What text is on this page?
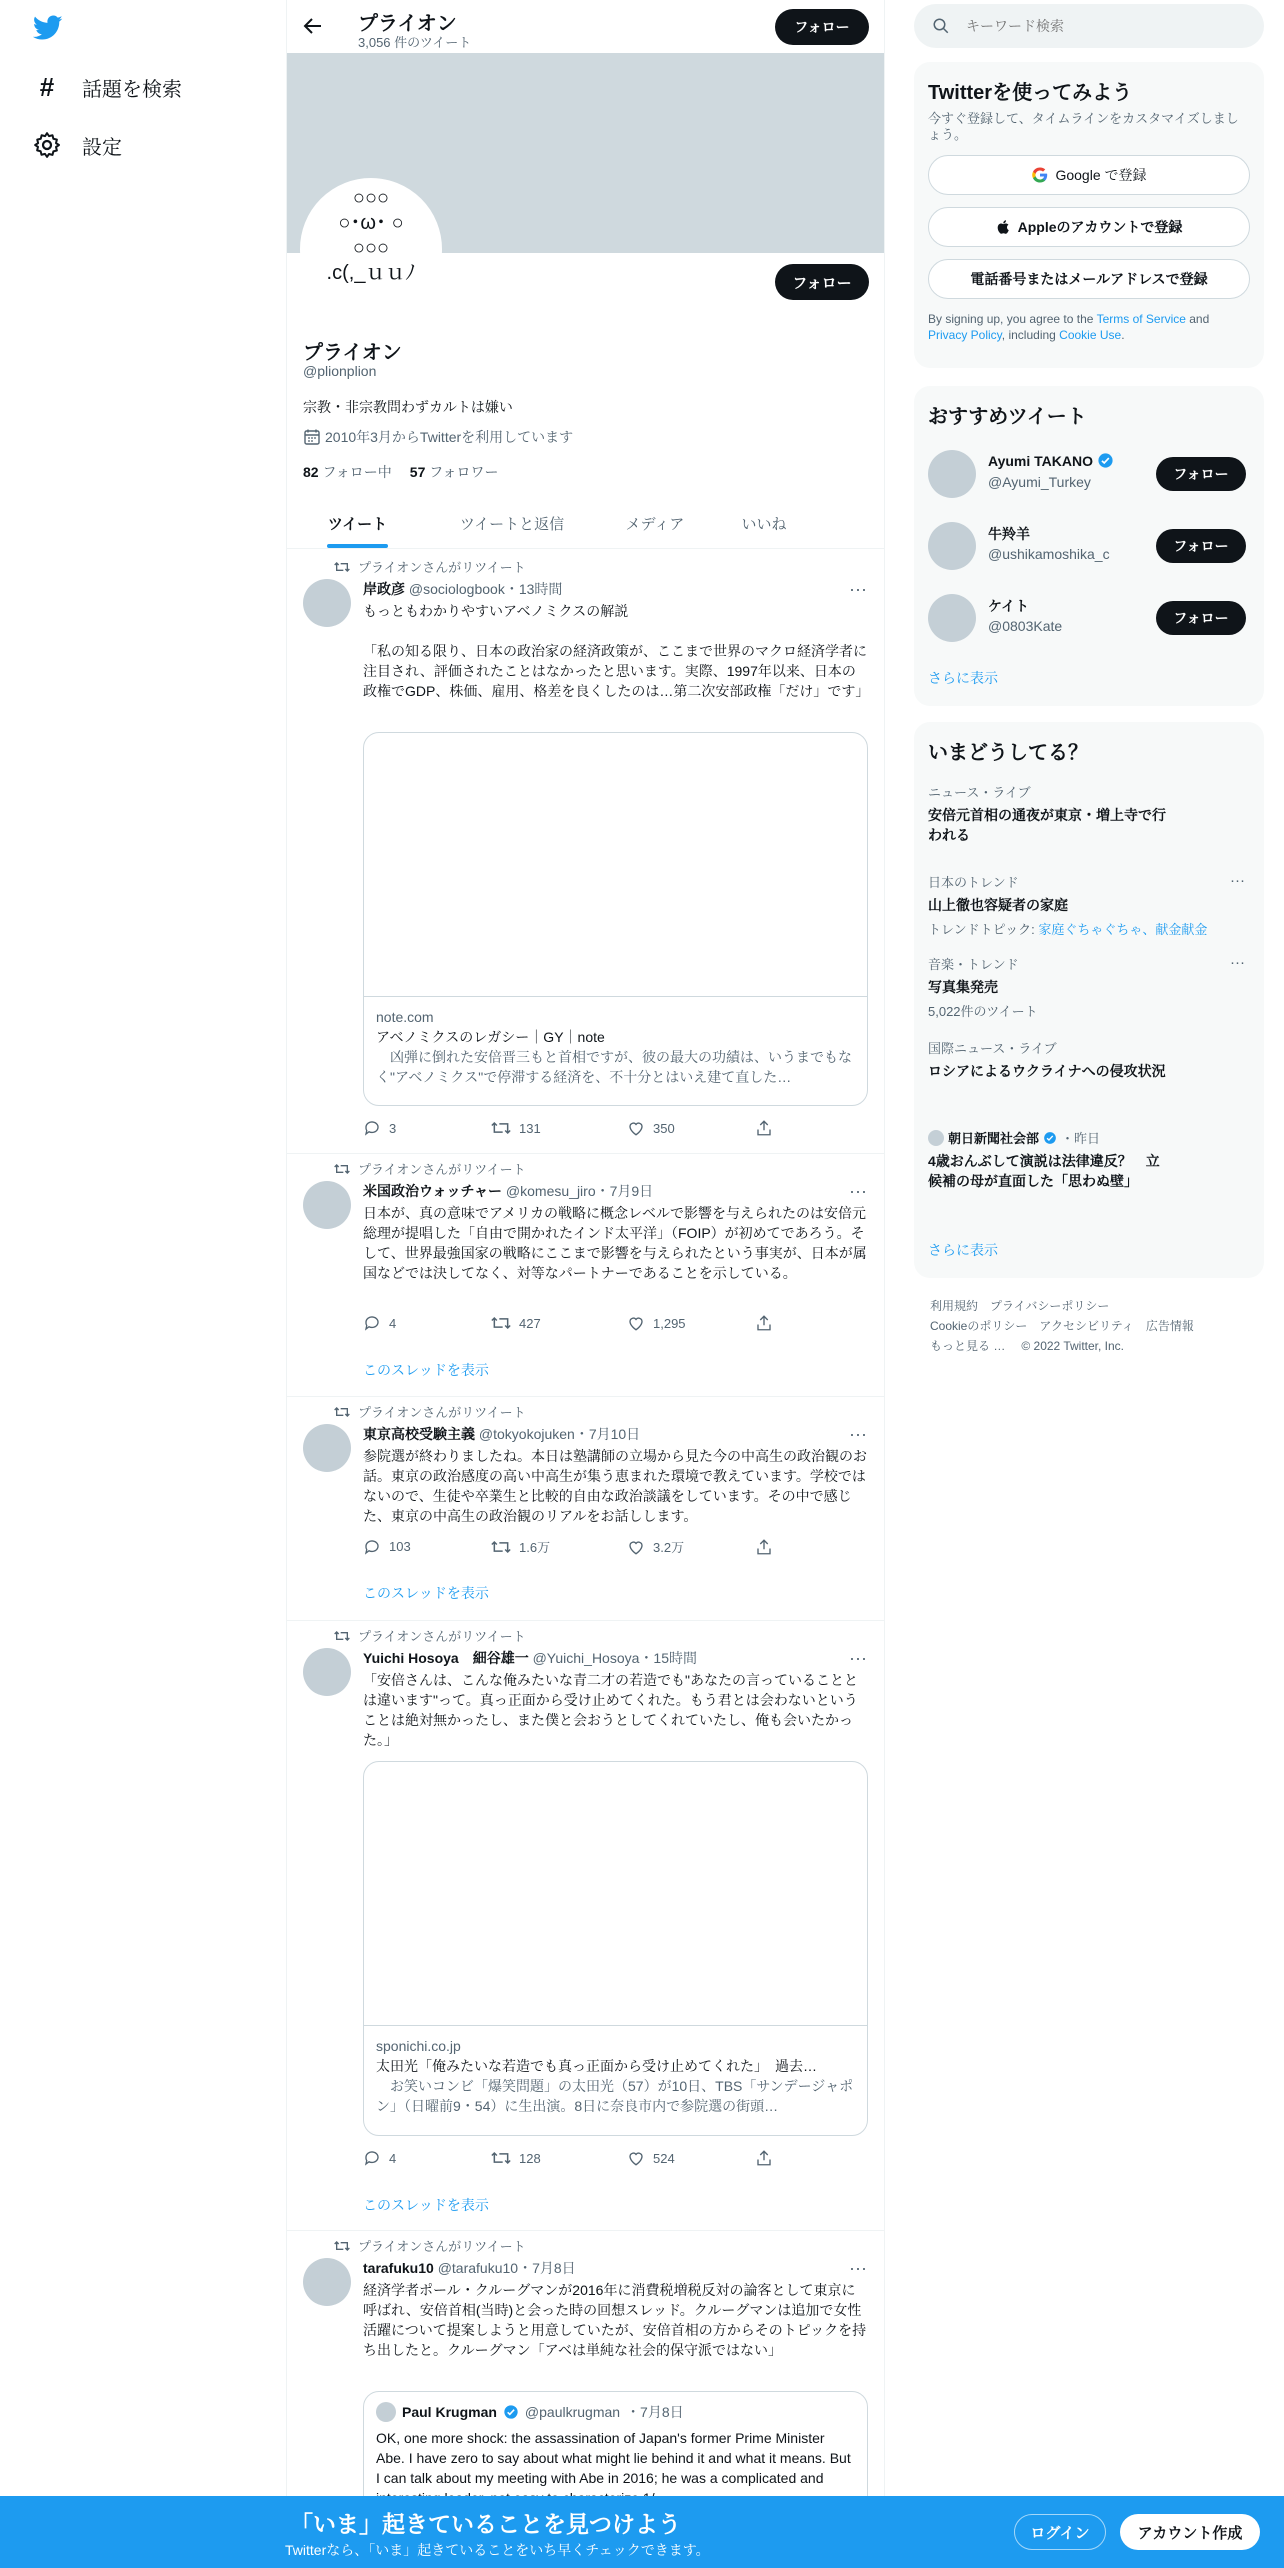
#	話題を検索
設定
プライオン
3,056 件のツイート
フォロー
○○○
○･ω･ ○
○○○
.c(,_ｕｕﾉ	フォロー
プライオン
@plionplion
宗教・非宗教問わずカルトは嫌い
2010年3月からTwitterを利用しています
82 フォロー中 57 フォロワー
ツイート	ツイートと返信	メディア	いいね
プライオンさんがリツイート
岸政彦 @sociologbook・13時間	···
もっともわかりやすいアベノミクスの解説

「私の知る限り、日本の政治家の経済政策が、ここまで世界のマクロ経済学者に注目され、評価されたことはなかったと思います。実際、1997年以来、日本の政権でGDP、株価、雇用、格差を良くしたのは…第二次安部政権「だけ」です」
note.com
アベノミクスのレガシー｜GY｜note
凶弾に倒れた安倍晋三もと首相ですが、彼の最大の功績は、いうまでもなく"アベノミクス"で停滞する経済を、不十分とはいえ建て直した…
3	131	350
プライオンさんがリツイート
米国政治ウォッチャー @komesu_jiro・7月9日	···
日本が、真の意味でアメリカの戦略に概念レベルで影響を与えられたのは安倍元総理が提唱した「自由で開かれたインド太平洋」（FOIP）が初めてであろう。そして、世界最強国家の戦略にここまで影響を与えられたという事実が、日本が属国などでは決してなく、対等なパートナーであることを示している。
4	427	1,295
このスレッドを表示
プライオンさんがリツイート
東京高校受験主義 @tokyokojuken・7月10日	···
参院選が終わりましたね。本日は塾講師の立場から見た今の中高生の政治観のお話。東京の政治感度の高い中高生が集う恵まれた環境で教えています。学校ではないので、生徒や卒業生と比較的自由な政治談議をしています。その中で感じた、東京の中高生の政治観のリアルをお話しします。
103	1.6万	3.2万
このスレッドを表示
プライオンさんがリツイート
Yuichi Hosoya　細谷雄一 @Yuichi_Hosoya・15時間	···
「安倍さんは、こんな俺みたいな青二才の若造でも"あなたの言っていることとは違います"って。真っ正面から受け止めてくれた。もう君とは会わないということは絶対無かったし、また僕と会おうとしてくれていたし、俺も会いたかった。」
sponichi.co.jp
太田光「俺みたいな若造でも真っ正面から受け止めてくれた」　過去…
お笑いコンビ「爆笑問題」の太田光（57）が10日、TBS「サンデージャポン」（日曜前9・54）に生出演。8日に奈良市内で参院選の街頭…
4	128	524
このスレッドを表示
プライオンさんがリツイート
tarafuku10 @tarafuku10・7月8日	···
経済学者ポール・クルーグマンが2016年に消費税増税反対の論客として東京に呼ばれ、安倍首相(当時)と会った時の回想スレッド。クルーグマンは追加で女性活躍について提案しようと用意していたが、安倍首相の方からそのトピックを持ち出したと。クルーグマン「アベは単純な社会的保守派ではない」
Paul Krugman @paulkrugman ・7月8日
OK, one more shock: the assassination of Japan's former Prime Minister Abe. I have zero to say about what might lie behind it and what it means. But I can talk about my meeting with Abe in 2016; he was a complicated and
キーワード検索
Twitterを使ってみよう
今すぐ登録して、タイムラインをカスタマイズしましょう。
Google で登録
Appleのアカウントで登録
電話番号またはメールアドレスで登録
By signing up, you agree to the Terms of Service and Privacy Policy, including Cookie Use.
おすすめツイート
Ayumi TAKANO
@Ayumi_Turkey	フォロー
牛羚羊
@ushikamoshika_c	フォロー
ケイト
@0803Kate	フォロー
さらに表示
いまどうしてる？
ニュース・ライブ
安倍元首相の通夜が東京・増上寺で行われる
日本のトレンド
山上徹也容疑者の家庭
トレンドトピック: 家庭ぐちゃぐちゃ、献金献金
···
音楽・トレンド
写真集発売
5,022件のツイート
···
国際ニュース・ライブ
ロシアによるウクライナへの侵攻状況
朝日新聞社会部 ・昨日
4歳おんぶして演説は法律違反？　立候補の母が直面した「思わぬ壁」
さらに表示
利用規約 プライバシーポリシー
Cookieのポリシー アクセシビリティ 広告情報
もっと見る … © 2022 Twitter, Inc.
「いま」起きていることを見つけよう
Twitterなら、「いま」起きていることをいち早くチェックできます。
ログイン	アカウント作成
